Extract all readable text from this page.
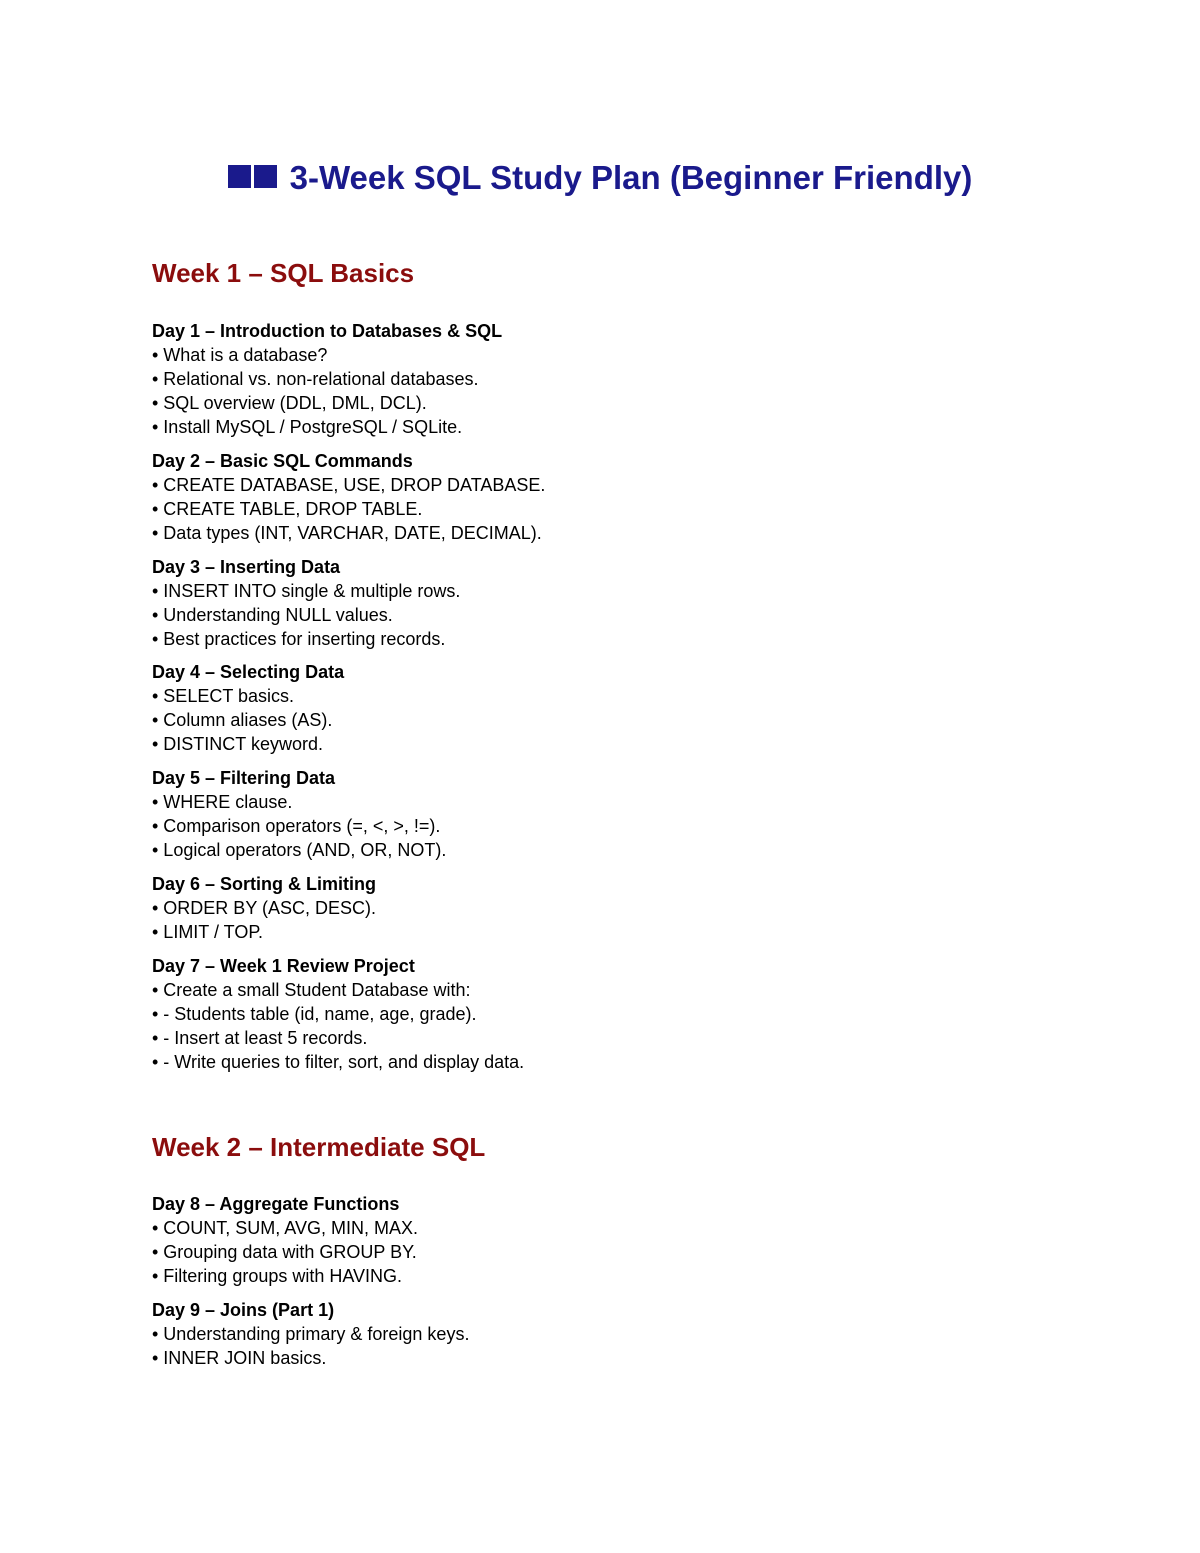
3-Week SQL Study Plan (Beginner Friendly)
Week 1 – SQL Basics

Day 1 – Introduction to Databases & SQL

• What is a database?

• Relational vs. non-relational databases.

• SQL overview (DDL, DML, DCL).

• Install MySQL / PostgreSQL / SQLite.

Day 2 – Basic SQL Commands

• CREATE DATABASE, USE, DROP DATABASE.

• CREATE TABLE, DROP TABLE.

• Data types (INT, VARCHAR, DATE, DECIMAL).

Day 3 – Inserting Data

• INSERT INTO single & multiple rows.

• Understanding NULL values.

• Best practices for inserting records.

Day 4 – Selecting Data

• SELECT basics.

• Column aliases (AS).

• DISTINCT keyword.

Day 5 – Filtering Data

• WHERE clause.

• Comparison operators (=, <, >, !=).

• Logical operators (AND, OR, NOT).

Day 6 – Sorting & Limiting

• ORDER BY (ASC, DESC).

• LIMIT / TOP.

Day 7 – Week 1 Review Project

• Create a small Student Database with:

• - Students table (id, name, age, grade).

• - Insert at least 5 records.

• - Write queries to filter, sort, and display data.

Week 2 – Intermediate SQL

Day 8 – Aggregate Functions

• COUNT, SUM, AVG, MIN, MAX.

• Grouping data with GROUP BY.

• Filtering groups with HAVING.

Day 9 – Joins (Part 1)

• Understanding primary & foreign keys.

• INNER JOIN basics.
